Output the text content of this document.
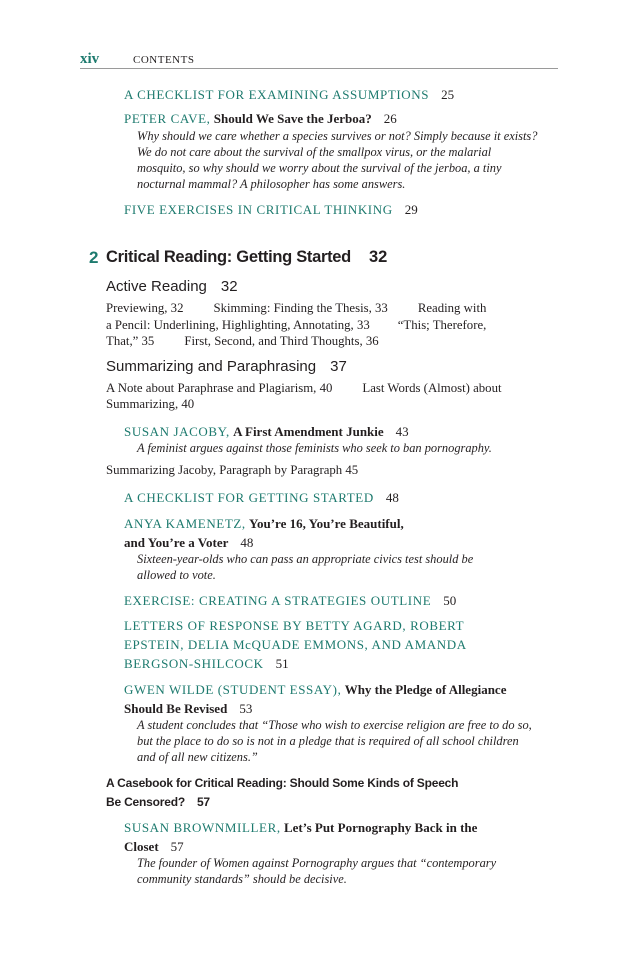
xiv	CONTENTS
A CHECKLIST FOR EXAMINING ASSUMPTIONS 25
PETER CAVE, Should We Save the Jerboa? 26
Why should we care whether a species survives or not? Simply because it exists?
We do not care about the survival of the smallpox virus, or the malarial
mosquito, so why should we worry about the survival of the jerboa, a tiny
nocturnal mammal? A philosopher has some answers.
FIVE EXERCISES IN CRITICAL THINKING 29
2 Critical Reading: Getting Started 32
Active Reading 32
Previewing, 32 Skimming: Finding the Thesis, 33 Reading with
a Pencil: Underlining, Highlighting, Annotating, 33 “This; Therefore,
That,” 35 First, Second, and Third Thoughts, 36
Summarizing and Paraphrasing 37
A Note about Paraphrase and Plagiarism, 40 Last Words (Almost) about
Summarizing, 40
SUSAN JACOBY, A First Amendment Junkie 43
A feminist argues against those feminists who seek to ban pornography.
Summarizing Jacoby, Paragraph by Paragraph 45
A CHECKLIST FOR GETTING STARTED 48
ANYA KAMENETZ, You’re 16, You’re Beautiful,
and You’re a Voter 48
Sixteen-year-olds who can pass an appropriate civics test should be
allowed to vote.
EXERCISE: CREATING A STRATEGIES OUTLINE 50
LETTERS OF RESPONSE BY BETTY AGARD, ROBERT
EPSTEIN, DELIA McQUADE EMMONS, AND AMANDA
BERGSON-SHILCOCK 51
GWEN WILDE (STUDENT ESSAY), Why the Pledge of Allegiance
Should Be Revised 53
A student concludes that “Those who wish to exercise religion are free to do so,
but the place to do so is not in a pledge that is required of all school children
and of all new citizens.”
A Casebook for Critical Reading: Should Some Kinds of Speech
Be Censored? 57
SUSAN BROWNMILLER, Let’s Put Pornography Back in the
Closet 57
The founder of Women against Pornography argues that “contemporary
community standards” should be decisive.
